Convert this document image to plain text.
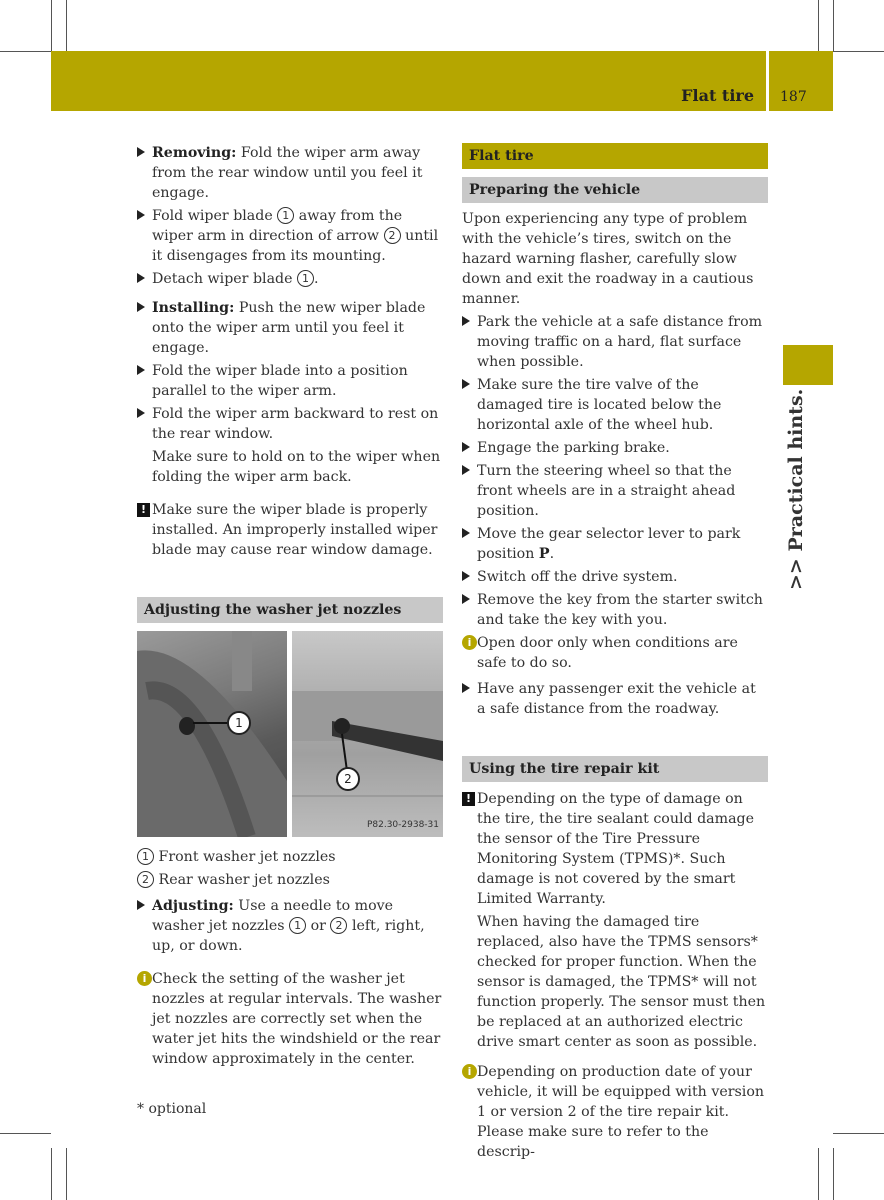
Flat tire 187
>> Practical hints.
Removing: Fold the wiper arm away from the rear window until you feel it engage.
Fold wiper blade 1 away from the wiper arm in direction of arrow 2 until it disengages from its mounting.
Detach wiper blade 1 .
Installing: Push the new wiper blade onto the wiper arm until you feel it engage.
Fold the wiper blade into a position parallel to the wiper arm.
Fold the wiper arm backward to rest on the rear window.
Make sure to hold on to the wiper when folding the wiper arm back.
! Make sure the wiper blade is properly installed. An improperly installed wiper blade may cause rear window damage.
Adjusting the washer jet nozzles
1
2
P82.30-2938-31
1 Front washer jet nozzles
2 Rear washer jet nozzles
Adjusting: Use a needle to move washer jet nozzles 1 or 2 left, right, up, or down.
i Check the setting of the washer jet nozzles at regular intervals. The washer jet nozzles are correctly set when the water jet hits the windshield or the rear window approximately in the center.
Flat tire
Preparing the vehicle
Upon experiencing any type of problem with the vehicle’s tires, switch on the hazard warning flasher, carefully slow down and exit the roadway in a cautious manner.
Park the vehicle at a safe distance from moving traffic on a hard, flat surface when possible.
Make sure the tire valve of the damaged tire is located below the horizontal axle of the wheel hub.
Engage the parking brake.
Turn the steering wheel so that the front wheels are in a straight ahead position.
Move the gear selector lever to park position P.
Switch off the drive system.
Remove the key from the starter switch and take the key with you.
i Open door only when conditions are safe to do so.
Have any passenger exit the vehicle at a safe distance from the roadway.
Using the tire repair kit
! Depending on the type of damage on the tire, the tire sealant could damage the sensor of the Tire Pressure Monitoring System (TPMS)*. Such damage is not covered by the smart Limited Warranty.
When having the damaged tire replaced, also have the TPMS sensors* checked for proper function. When the sensor is damaged, the TPMS* will not function properly. The sensor must then be replaced at an authorized electric drive smart center as soon as possible.
i Depending on production date of your vehicle, it will be equipped with version 1 or version 2 of the tire repair kit. Please make sure to refer to the descrip-
* optional
